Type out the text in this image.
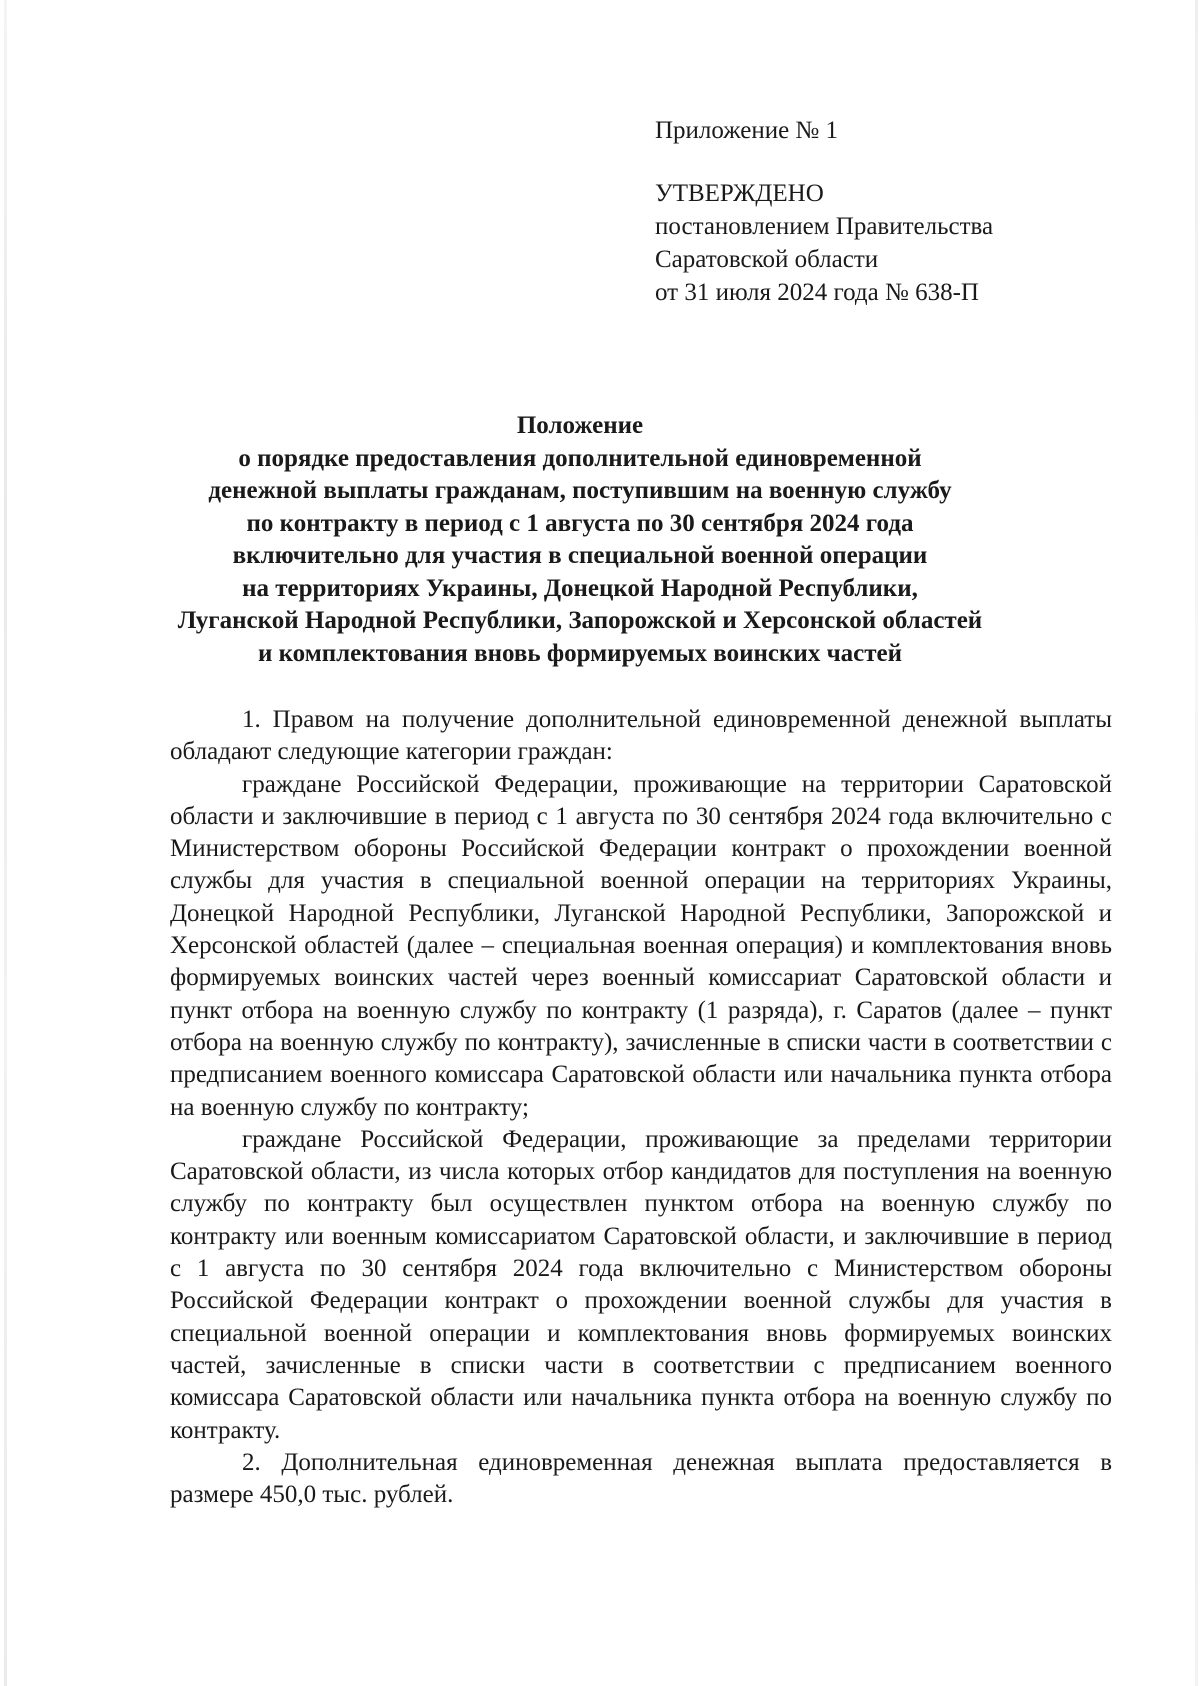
Приложение № 1
УТВЕРЖДЕНО
постановлением Правительства
Саратовской области
от 31 июля 2024 года № 638-П
Положение
о порядке предоставления дополнительной единовременной
денежной выплаты гражданам, поступившим на военную службу
по контракту в период с 1 августа по 30 сентября 2024 года
включительно для участия в специальной военной операции
на территориях Украины, Донецкой Народной Республики,
Луганской Народной Республики, Запорожской и Херсонской областей
и комплектования вновь формируемых воинских частей

1. Правом на получение дополнительной единовременной денежной выплаты обладают следующие категории граждан:

граждане Российской Федерации, проживающие на территории Саратовской области и заключившие в период с 1 августа по 30 сентября 2024 года включительно с Министерством обороны Российской Федерации контракт о прохождении военной службы для участия в специальной военной операции на территориях Украины, Донецкой Народной Республики, Луганской Народной Республики, Запорожской и Херсонской областей (далее – специальная военная операция) и комплектования вновь формируемых воинских частей через военный комиссариат Саратовской области и пункт отбора на военную службу по контракту (1 разряда), г. Саратов (далее – пункт отбора на военную службу по контракту), зачисленные в списки части в соответствии с предписанием военного комиссара Саратовской области или начальника пункта отбора на военную службу по контракту;

граждане Российской Федерации, проживающие за пределами территории Саратовской области, из числа которых отбор кандидатов для поступления на военную службу по контракту был осуществлен пунктом отбора на военную службу по контракту или военным комиссариатом Саратовской области, и заключившие в период с 1 августа по 30 сентября 2024 года включительно с Министерством обороны Российской Федерации контракт о прохождении военной службы для участия в специальной военной операции и комплектования вновь формируемых воинских частей, зачисленные в списки части в соответствии с предписанием военного комиссара Саратовской области или начальника пункта отбора на военную службу по контракту.

2. Дополнительная единовременная денежная выплата предоставляется в размере 450,0 тыс. рублей.
